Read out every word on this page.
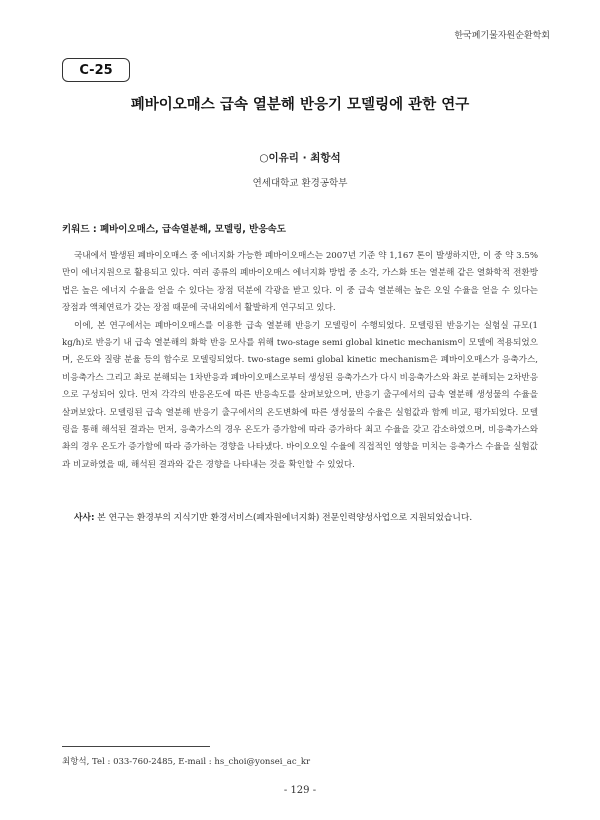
한국폐기물자원순환학회
C-25
폐바이오매스 급속 열분해 반응기 모델링에 관한 연구
○이유리 · 최항석
연세대학교 환경공학부
키워드 : 폐바이오매스, 급속열분해, 모델링, 반응속도

국내에서 발생된 폐바이오매스 중 에너지화 가능한 폐바이오매스는 2007년 기준 약 1,167 톤이 발생하지만, 이 중 약 3.5%만이 에너지원으로 활용되고 있다. 여러 종류의 폐바이오매스 에너지화 방법 중 소각, 가스화 또는 열분해 같은 열화학적 전환방법은 높은 에너지 수율을 얻을 수 있다는 장점 덕분에 각광을 받고 있다. 이 중 급속 열분해는 높은 오일 수율을 얻을 수 있다는 장점과 액체연료가 갖는 장점 때문에 국내외에서 활발하게 연구되고 있다.

이에, 본 연구에서는 폐바이오매스를 이용한 급속 열분해 반응기 모델링이 수행되었다. 모델링된 반응기는 실험실 규모(1 kg/h)로 반응기 내 급속 열분해의 화학 반응 모사를 위해 two-stage semi global kinetic mechanism이 모델에 적용되었으며, 온도와 질량 분율 등의 함수로 모델링되었다. two-stage semi global kinetic mechanism은 폐바이오매스가 응축가스, 비응축가스 그리고 촤로 분해되는 1차반응과 폐바이오매스로부터 생성된 응축가스가 다시 비응축가스와 촤로 분해되는 2차반응으로 구성되어 있다. 먼저 각각의 반응온도에 따른 반응속도를 살펴보았으며, 반응기 출구에서의 급속 열분해 생성물의 수율을 살펴보았다. 모델링된 급속 열분해 반응기 출구에서의 온도변화에 따른 생성물의 수율은 실험값과 함께 비교, 평가되었다. 모델링을 통해 해석된 결과는 먼저, 응축가스의 경우 온도가 증가함에 따라 증가하다 최고 수율을 갖고 감소하였으며, 비응축가스와 촤의 경우 온도가 증가함에 따라 증가하는 경향을 나타냈다. 바이오오일 수율에 직접적인 영향을 미치는 응축가스 수율을 실험값과 비교하였을 때, 해석된 결과와 같은 경향을 나타내는 것을 확인할 수 있었다.

사사: 본 연구는 환경부의 지식기반 환경서비스(폐자원에너지화) 전문인력양성사업으로 지원되었습니다.
최항석, Tel : 033-760-2485, E-mail : hs_choi@yonsei_ac_kr
- 129 -
